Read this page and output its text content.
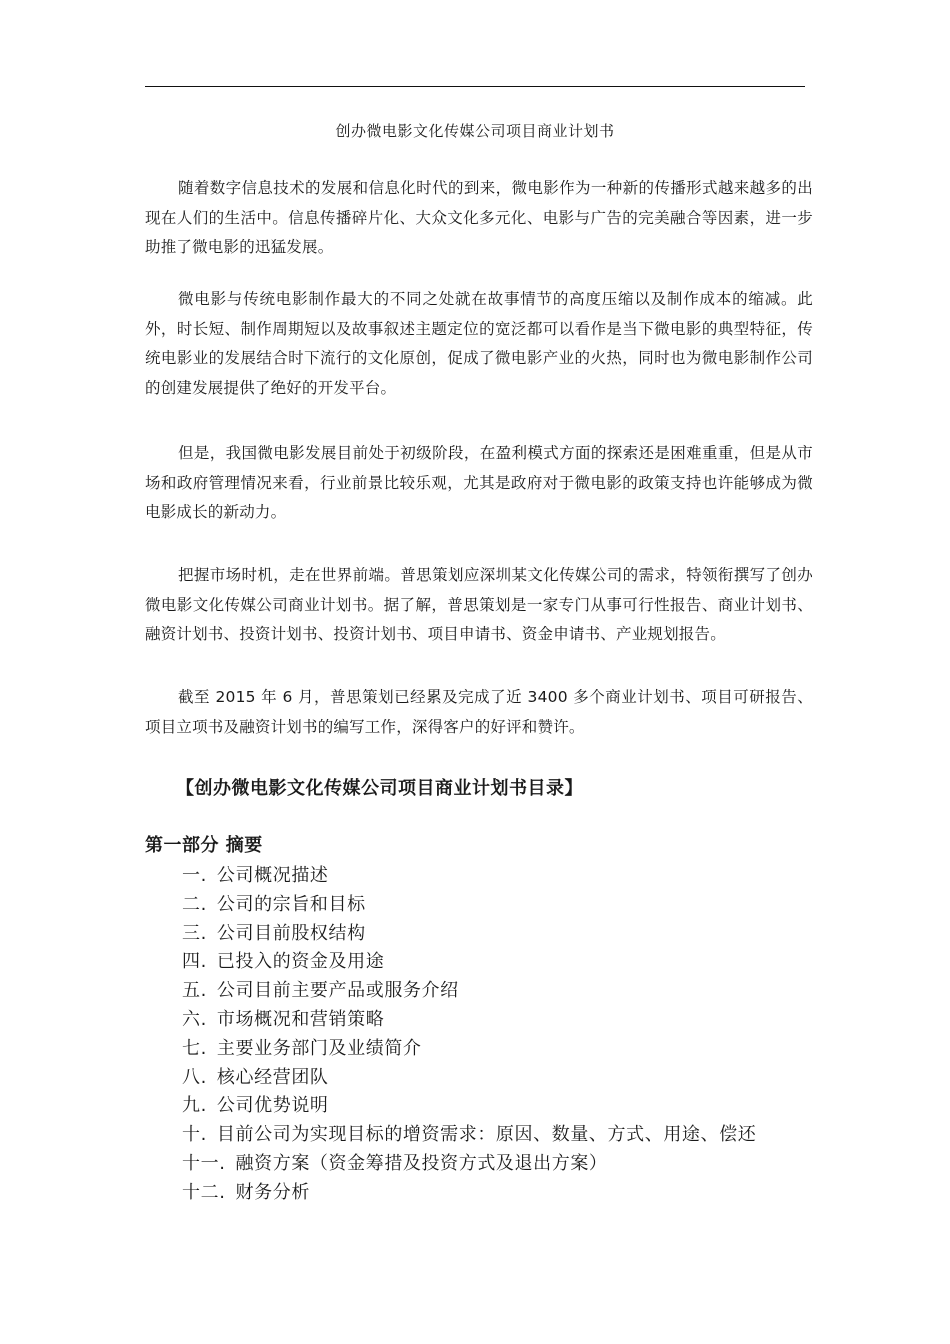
创办微电影文化传媒公司项目商业计划书

随着数字信息技术的发展和信息化时代的到来，微电影作为一种新的传播形式越来越多的出现在人们的生活中。信息传播碎片化、大众文化多元化、电影与广告的完美融合等因素，进一步助推了微电影的迅猛发展。

微电影与传统电影制作最大的不同之处就在故事情节的高度压缩以及制作成本的缩减。此外，时长短、制作周期短以及故事叙述主题定位的宽泛都可以看作是当下微电影的典型特征，传统电影业的发展结合时下流行的文化原创，促成了微电影产业的火热，同时也为微电影制作公司的创建发展提供了绝好的开发平台。

但是，我国微电影发展目前处于初级阶段，在盈利模式方面的探索还是困难重重，但是从市场和政府管理情况来看，行业前景比较乐观，尤其是政府对于微电影的政策支持也许能够成为微电影成长的新动力。

把握市场时机，走在世界前端。普思策划应深圳某文化传媒公司的需求，特领衔撰写了创办微电影文化传媒公司商业计划书。据了解，普思策划是一家专门从事可行性报告、商业计划书、融资计划书、投资计划书、投资计划书、项目申请书、资金申请书、产业规划报告。

截至 2015 年 6 月，普思策划已经累及完成了近 3400 多个商业计划书、项目可研报告、项目立项书及融资计划书的编写工作，深得客户的好评和赞许。

【创办微电影文化传媒公司项目商业计划书目录】
第一部分 摘要
一. 公司概况描述
二. 公司的宗旨和目标
三. 公司目前股权结构
四. 已投入的资金及用途
五. 公司目前主要产品或服务介绍
六. 市场概况和营销策略
七. 主要业务部门及业绩简介
八. 核心经营团队
九. 公司优势说明
十. 目前公司为实现目标的增资需求：原因、数量、方式、用途、偿还
十一. 融资方案（资金筹措及投资方式及退出方案）
十二. 财务分析
